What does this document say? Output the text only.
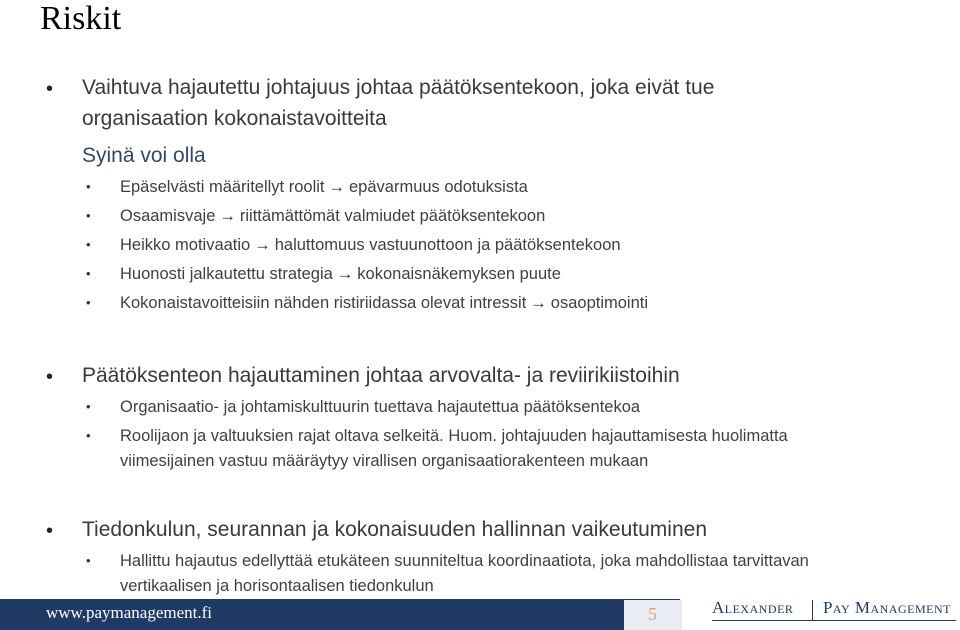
Riskit
• Vaihtuva hajautettu johtajuus johtaa päätöksentekoon, joka eivät tue
organisaation kokonaistavoitteita
Syinä voi olla
• Epäselvästi määritellyt roolit → epävarmuus odotuksista
• Osaamisvaje → riittämättömät valmiudet päätöksentekoon
• Heikko motivaatio → haluttomuus vastuunottoon ja päätöksentekoon
• Huonosti jalkautettu strategia → kokonaisnäkemyksen puute
• Kokonaistavoitteisiin nähden ristiriidassa olevat intressit → osaoptimointi
• Päätöksenteon hajauttaminen johtaa arvovalta- ja reviirikiistoihin
• Organisaatio- ja johtamiskulttuurin tuettava hajautettua päätöksentekoa
• Roolijaon ja valtuuksien rajat oltava selkeitä. Huom. johtajuuden hajauttamisesta huolimatta
viimesijainen vastuu määräytyy virallisen organisaatiorakenteen mukaan
• Tiedonkulun, seurannan ja kokonaisuuden hallinnan vaikeutuminen
• Hallittu hajautus edellyttää etukäteen suunniteltua koordinaatiota, joka mahdollistaa tarvittavan
vertikaalisen ja horisontaalisen tiedonkulun
www.paymanagement.fi	5	Alexander Pay Management
